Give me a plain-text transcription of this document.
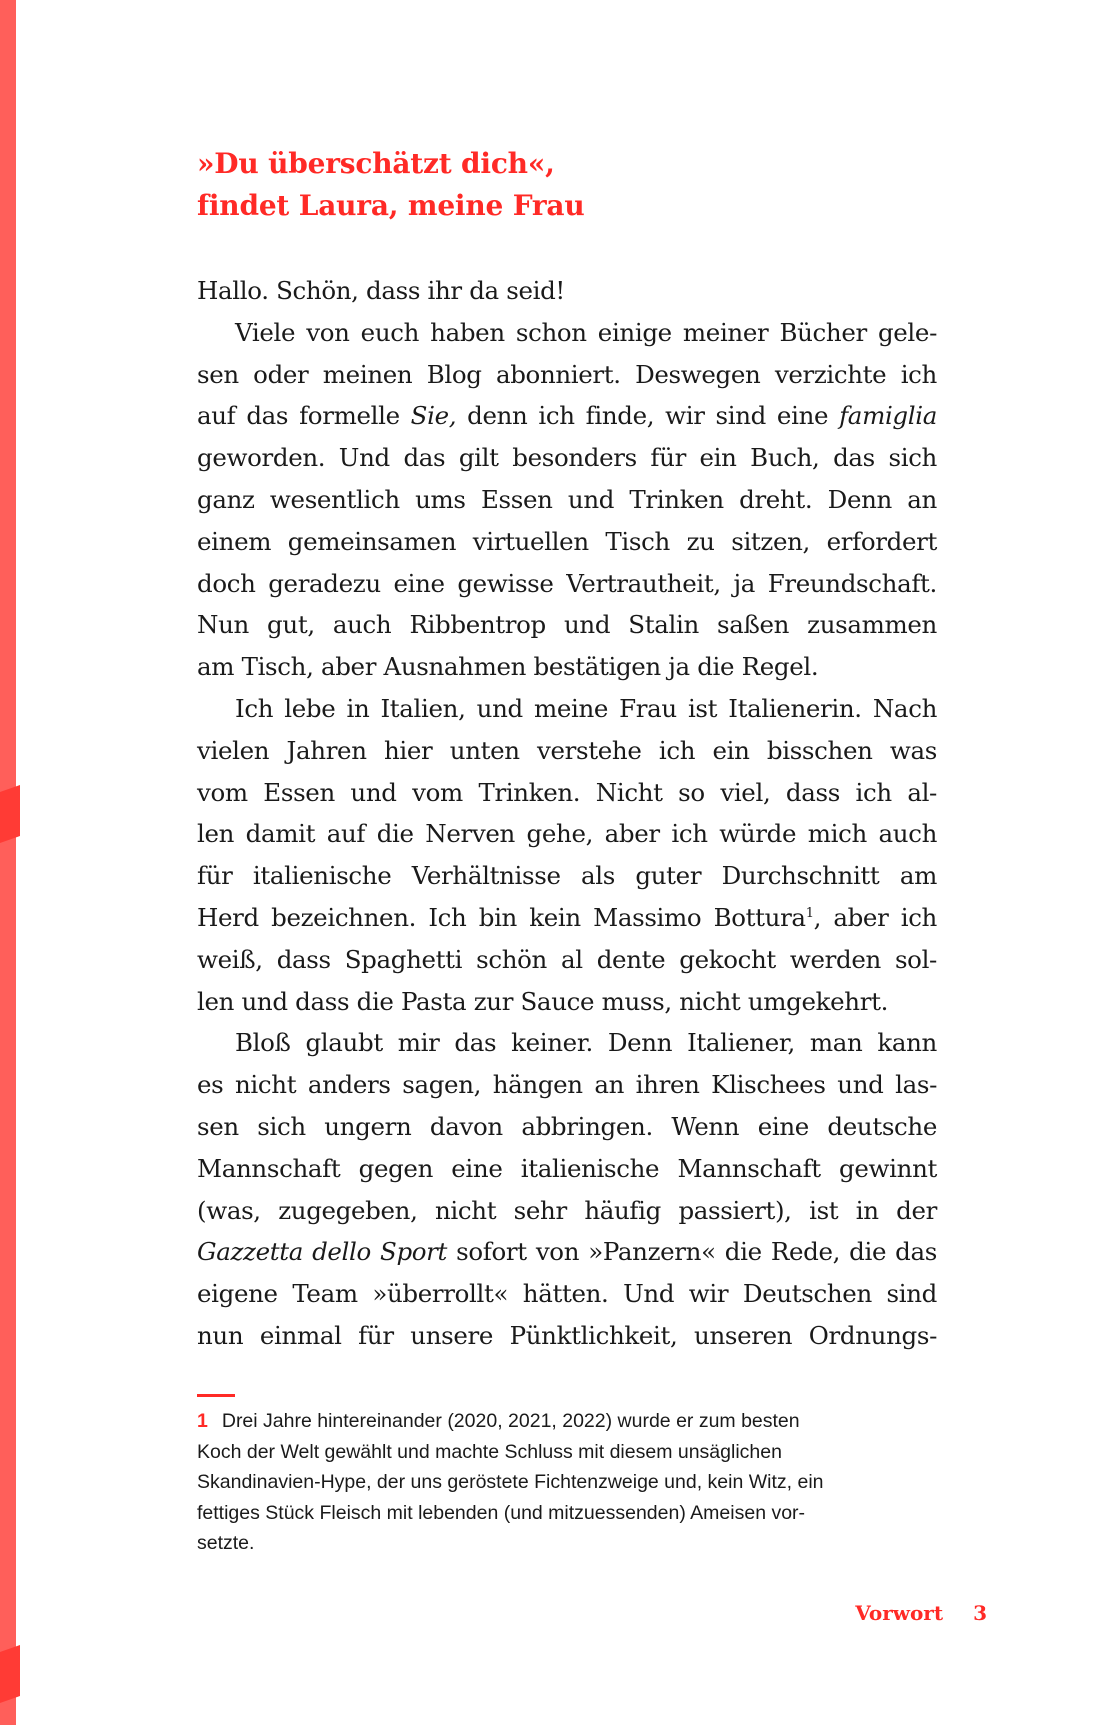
»Du überschätzt dich«,
findet Laura, meine Frau
Hallo. Schön, dass ihr da seid!
Viele von euch haben schon einige meiner Bücher gele-
sen oder meinen Blog abonniert. Deswegen verzichte ich
auf das formelle Sie, denn ich finde, wir sind eine famiglia
geworden. Und das gilt besonders für ein Buch, das sich
ganz wesentlich ums Essen und Trinken dreht. Denn an
einem gemeinsamen virtuellen Tisch zu sitzen, erfordert
doch geradezu eine gewisse Vertrautheit, ja Freundschaft.
Nun gut, auch Ribbentrop und Stalin saßen zusammen
am Tisch, aber Ausnahmen bestätigen ja die Regel.
Ich lebe in Italien, und meine Frau ist Italienerin. Nach
vielen Jahren hier unten verstehe ich ein bisschen was
vom Essen und vom Trinken. Nicht so viel, dass ich al-
len damit auf die Nerven gehe, aber ich würde mich auch
für italienische Verhältnisse als guter Durchschnitt am
Herd bezeichnen. Ich bin kein Massimo Bottura$^1$, aber ich
weiß, dass Spaghetti schön al dente gekocht werden sol-
len und dass die Pasta zur Sauce muss, nicht umgekehrt.
Bloß glaubt mir das keiner. Denn Italiener, man kann
es nicht anders sagen, hängen an ihren Klischees und las-
sen sich ungern davon abbringen. Wenn eine deutsche
Mannschaft gegen eine italienische Mannschaft gewinnt
(was, zugegeben, nicht sehr häufig passiert), ist in der
Gazzetta dello Sport sofort von »Panzern« die Rede, die das
eigene Team »überrollt« hätten. Und wir Deutschen sind
nun einmal für unsere Pünktlichkeit, unseren Ordnungs-
1 Drei Jahre hintereinander (2020, 2021, 2022) wurde er zum besten
Koch der Welt gewählt und machte Schluss mit diesem unsäglichen
Skandinavien-Hype, der uns geröstete Fichtenzweige und, kein Witz, ein
fettiges Stück Fleisch mit lebenden (und mitzuessenden) Ameisen vor-
setzte.
Vorwort 3
